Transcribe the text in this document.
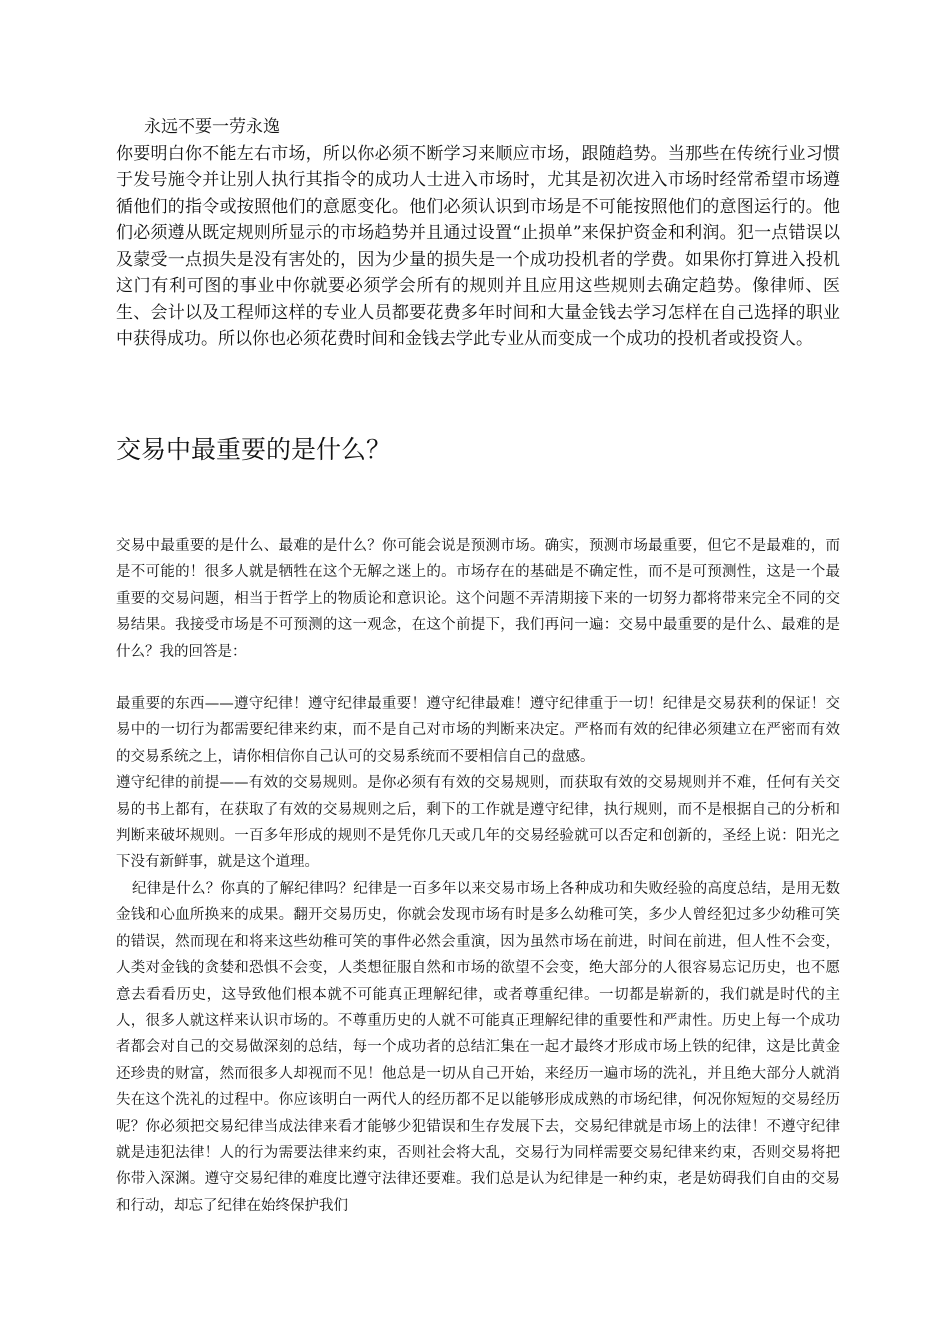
永远不要一劳永逸

你要明白你不能左右市场，所以你必须不断学习来顺应市场，跟随趋势。当那些在传统行业习惯于发号施令并让别人执行其指令的成功人士进入市场时，尤其是初次进入市场时经常希望市场遵循他们的指令或按照他们的意愿变化。他们必须认识到市场是不可能按照他们的意图运行的。他们必须遵从既定规则所显示的市场趋势并且通过设置“止损单”来保护资金和利润。犯一点错误以及蒙受一点损失是没有害处的，因为少量的损失是一个成功投机者的学费。如果你打算进入投机这门有利可图的事业中你就要必须学会所有的规则并且应用这些规则去确定趋势。像律师、医生、会计以及工程师这样的专业人员都要花费多年时间和大量金钱去学习怎样在自己选择的职业中获得成功。所以你也必须花费时间和金钱去学此专业从而变成一个成功的投机者或投资人。

交易中最重要的是什么？

交易中最重要的是什么、最难的是什么？你可能会说是预测市场。确实，预测市场最重要，但它不是最难的，而是不可能的！很多人就是牺牲在这个无解之迷上的。市场存在的基础是不确定性，而不是可预测性，这是一个最重要的交易问题，相当于哲学上的物质论和意识论。这个问题不弄清期接下来的一切努力都将带来完全不同的交易结果。我接受市场是不可预测的这一观念，在这个前提下，我们再问一遍：交易中最重要的是什么、最难的是什么？我的回答是：

最重要的东西——遵守纪律！遵守纪律最重要！遵守纪律最难！遵守纪律重于一切！纪律是交易获利的保证！交易中的一切行为都需要纪律来约束，而不是自己对市场的判断来决定。严格而有效的纪律必须建立在严密而有效的交易系统之上，请你相信你自己认可的交易系统而不要相信自己的盘感。

遵守纪律的前提——有效的交易规则。是你必须有有效的交易规则，而获取有效的交易规则并不难，任何有关交易的书上都有，在获取了有效的交易规则之后，剩下的工作就是遵守纪律，执行规则，而不是根据自己的分析和判断来破坏规则。一百多年形成的规则不是凭你几天或几年的交易经验就可以否定和创新的，圣经上说：阳光之下没有新鲜事，就是这个道理。

纪律是什么？你真的了解纪律吗？纪律是一百多年以来交易市场上各种成功和失败经验的高度总结，是用无数金钱和心血所换来的成果。翻开交易历史，你就会发现市场有时是多么幼稚可笑，多少人曾经犯过多少幼稚可笑的错误，然而现在和将来这些幼稚可笑的事件必然会重演，因为虽然市场在前进，时间在前进，但人性不会变，人类对金钱的贪婪和恐惧不会变，人类想征服自然和市场的欲望不会变，绝大部分的人很容易忘记历史，也不愿意去看看历史，这导致他们根本就不可能真正理解纪律，或者尊重纪律。一切都是崭新的，我们就是时代的主人，很多人就这样来认识市场的。不尊重历史的人就不可能真正理解纪律的重要性和严肃性。历史上每一个成功者都会对自己的交易做深刻的总结，每一个成功者的总结汇集在一起才最终才形成市场上铁的纪律，这是比黄金还珍贵的财富，然而很多人却视而不见！他总是一切从自己开始，来经历一遍市场的洗礼，并且绝大部分人就消失在这个洗礼的过程中。你应该明白一两代人的经历都不足以能够形成成熟的市场纪律，何况你短短的交易经历呢？你必须把交易纪律当成法律来看才能够少犯错误和生存发展下去，交易纪律就是市场上的法律！不遵守纪律就是违犯法律！人的行为需要法律来约束，否则社会将大乱，交易行为同样需要交易纪律来约束，否则交易将把你带入深渊。遵守交易纪律的难度比遵守法律还要难。我们总是认为纪律是一种约束，老是妨碍我们自由的交易和行动，却忘了纪律在始终保护我们
